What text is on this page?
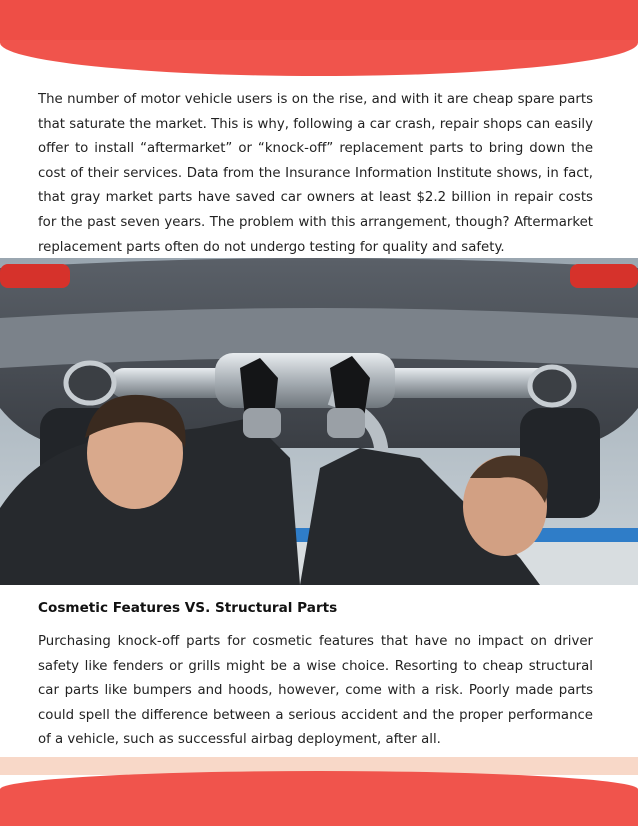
The number of motor vehicle users is on the rise, and with it are cheap spare parts that saturate the market. This is why, following a car crash, repair shops can easily offer to install “aftermarket” or “knock-off” replacement parts to bring down the cost of their services. Data from the Insurance Information Institute shows, in fact, that gray market parts have saved car owners at least $2.2 billion in repair costs for the past seven years. The problem with this arrangement, though? Aftermarket replacement parts often do not undergo testing for quality and safety.

Cosmetic Features VS. Structural Parts

Purchasing knock-off parts for cosmetic features that have no impact on driver safety like fenders or grills might be a wise choice. Resorting to cheap structural car parts like bumpers and hoods, however, come with a risk. Poorly made parts could spell the difference between a serious accident and the proper performance of a vehicle, such as successful airbag deployment, after all.
